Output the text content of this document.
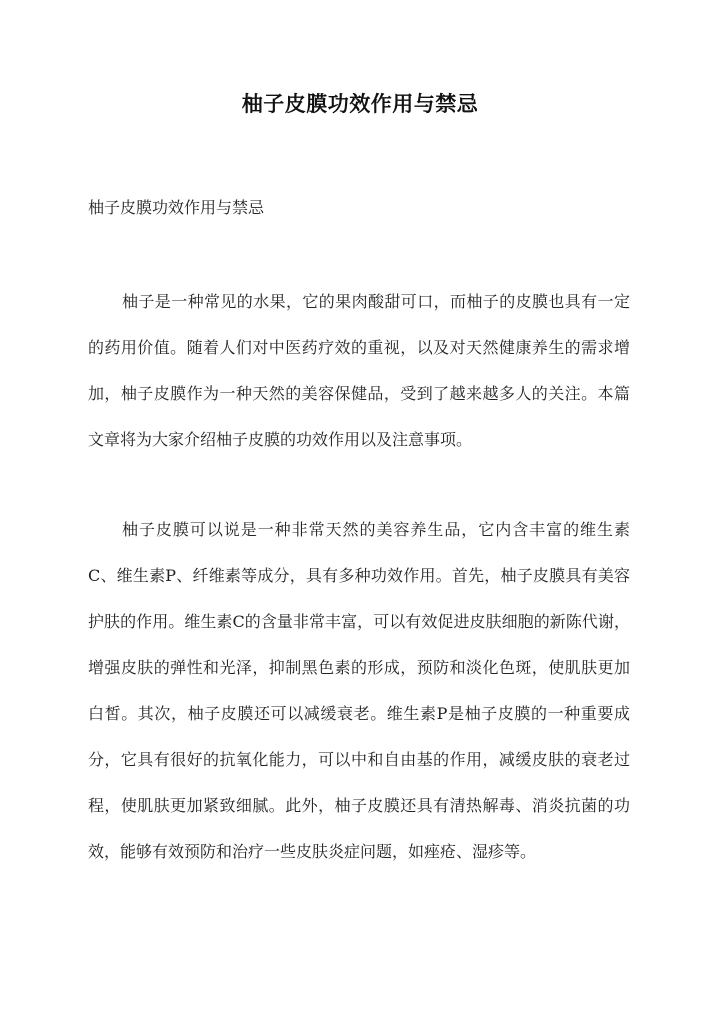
柚子皮膜功效作用与禁忌
柚子皮膜功效作用与禁忌

柚子是一种常见的水果，它的果肉酸甜可口，而柚子的皮膜也具有一定的药用价值。随着人们对中医药疗效的重视，以及对天然健康养生的需求增加，柚子皮膜作为一种天然的美容保健品，受到了越来越多人的关注。本篇文章将为大家介绍柚子皮膜的功效作用以及注意事项。

柚子皮膜可以说是一种非常天然的美容养生品，它内含丰富的维生素C、维生素P、纤维素等成分，具有多种功效作用。首先，柚子皮膜具有美容护肤的作用。维生素C的含量非常丰富，可以有效促进皮肤细胞的新陈代谢，增强皮肤的弹性和光泽，抑制黑色素的形成，预防和淡化色斑，使肌肤更加白皙。其次，柚子皮膜还可以减缓衰老。维生素P是柚子皮膜的一种重要成分，它具有很好的抗氧化能力，可以中和自由基的作用，减缓皮肤的衰老过程，使肌肤更加紧致细腻。此外，柚子皮膜还具有清热解毒、消炎抗菌的功效，能够有效预防和治疗一些皮肤炎症问题，如痤疮、湿疹等。
